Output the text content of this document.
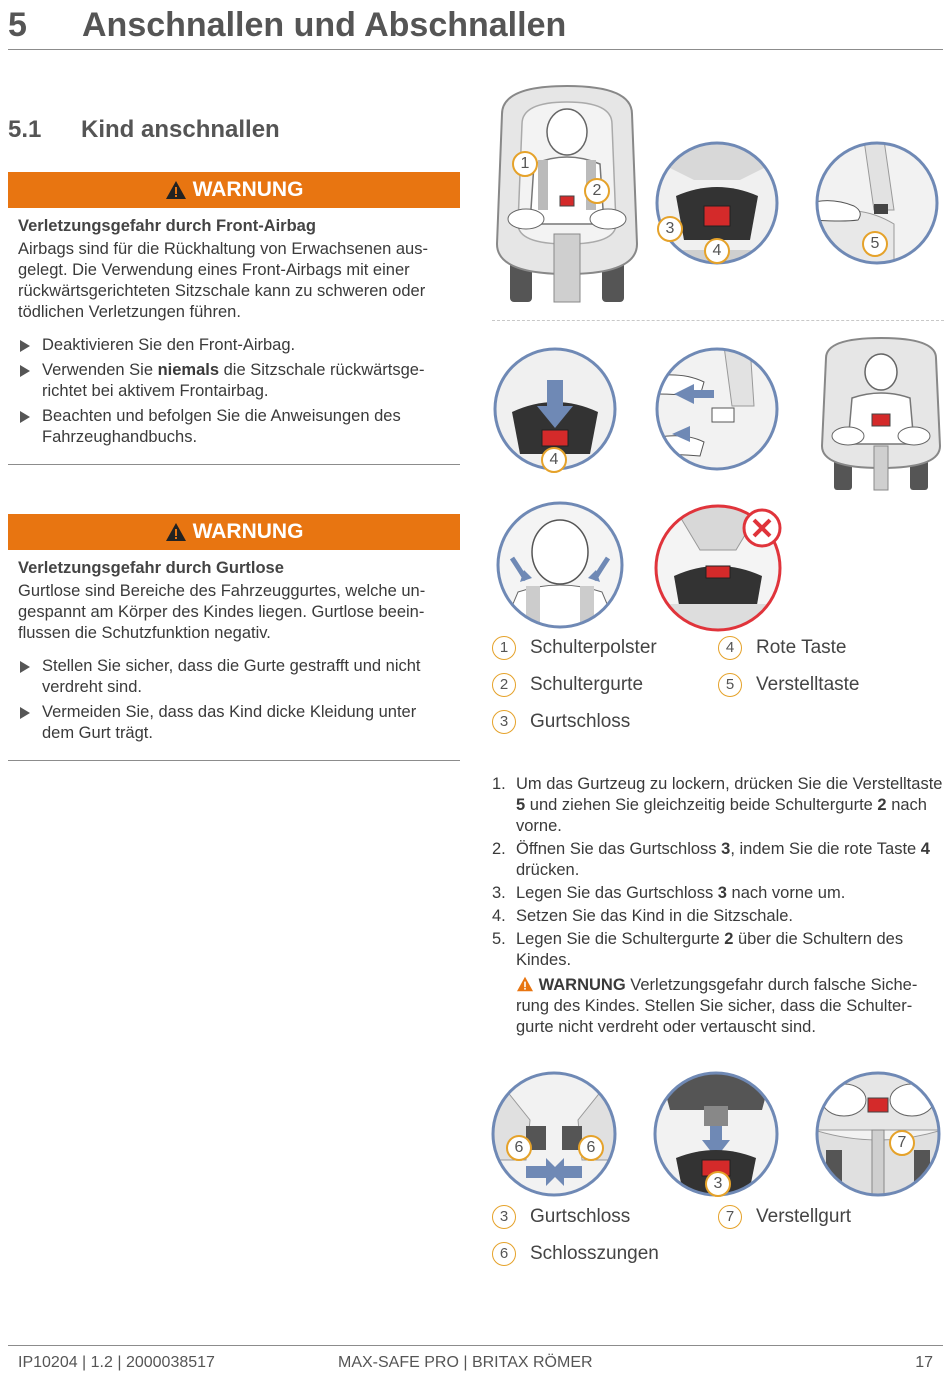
5 Anschnallen und Abschnallen
5.1 Kind anschnallen
WARNUNG
Verletzungsgefahr durch Front-Airbag
Airbags sind für die Rückhaltung von Erwachsenen aus-gelegt. Die Verwendung eines Front-Airbags mit einer rückwärtsgerichteten Sitzschale kann zu schweren oder tödlichen Verletzungen führen.
Deaktivieren Sie den Front-Airbag.
Verwenden Sie niemals die Sitzschale rückwärtsge-richtet bei aktivem Frontairbag.
Beachten und befolgen Sie die Anweisungen des Fahrzeughandbuchs.
WARNUNG
Verletzungsgefahr durch Gurtlose
Gurtlose sind Bereiche des Fahrzeuggurtes, welche un-gespannt am Körper des Kindes liegen. Gurtlose beein-flussen die Schutzfunktion negativ.
Stellen Sie sicher, dass die Gurte gestrafft und nicht verdreht sind.
Vermeiden Sie, dass das Kind dicke Kleidung unter dem Gurt trägt.
1
2
3
4	5
4
1	Schulterpolster
2	Schultergurte
3	Gurtschloss
4	Rote Taste
5	Verstelltaste
1. Um das Gurtzeug zu lockern, drücken Sie die Verstelltaste 5 und ziehen Sie gleichzeitig beide Schultergurte 2 nach vorne.
2. Öffnen Sie das Gurtschloss 3, indem Sie die rote Taste 4 drücken.
3. Legen Sie das Gurtschloss 3 nach vorne um.
4. Setzen Sie das Kind in die Sitzschale.
5. Legen Sie die Schultergurte 2 über die Schultern des Kindes.
WARNUNG Verletzungsgefahr durch falsche Siche-rung des Kindes. Stellen Sie sicher, dass die Schulter-gurte nicht verdreht oder vertauscht sind.
6	6
3
7
3	Gurtschloss
6	Schlosszungen
7	Verstellgurt
IP10204 | 1.2 | 2000038517	MAX-SAFE PRO | BRITAX RÖMER	17
